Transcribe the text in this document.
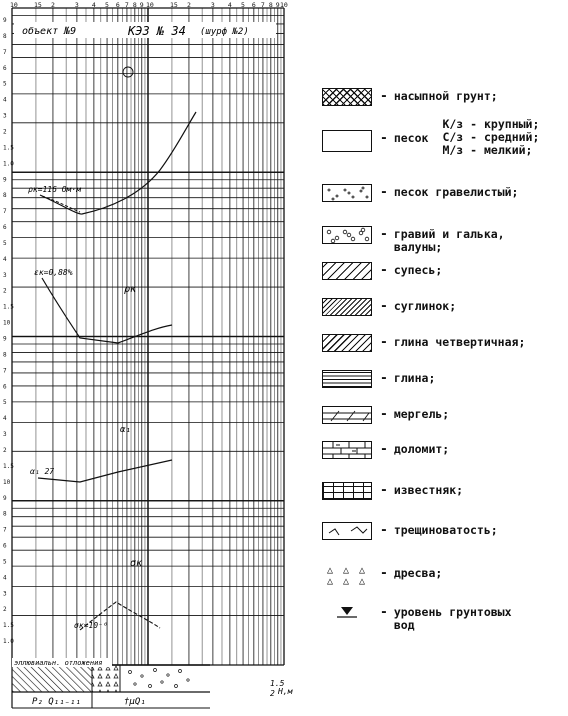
10 15 2	3 4 5 6 7 8 9 10 15 2	3 4 5 6 7 8 9 10
9
8
7
6
5
4
3
2
1.5
1.0
9
8
7
6
5
4
3
2
1.5
10
9
8
7
6
5
4
3
2
1.5
10
9
8
7
6
5
4
3
2
1.5
1.0
объект №9	КЭЗ № 34 (шурф №2)
ρк=116 Ом·м
εк=0,88%
ρк
α₁ 27
α₁
σк
σк=10⁻⁶
эллювиальн. отложения
P₂ Q₁₁₋₁₁	†μQ₁
1.5
2 H,м
- насыпной грунт;
- песок
К/з - крупный;
С/з - средний;
М/з - мелкий;
- песок гравелистый;
- гравий и галька,
валуны;
- супесь;
- суглинок;
- глина четвертичная;
- глина;
- мергель;
- доломит;
- известняк;
- трещиноватость;
△ △ △
△ △ △
- дресва;
- уровень грунтовых
вод
